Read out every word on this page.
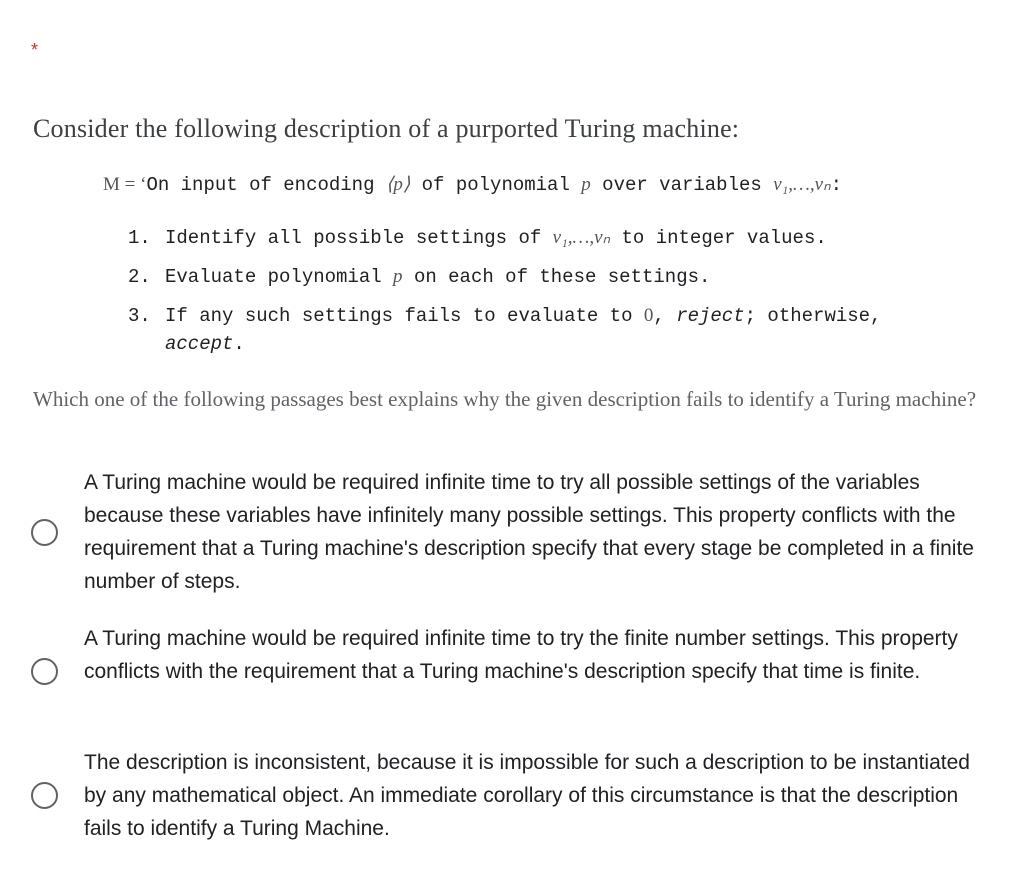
*
Consider the following description of a purported Turing machine:
M = ‘On input of encoding ⟨p⟩ of polynomial p over variables v₁,…,vₙ:
1. Identify all possible settings of v₁,…,vₙ to integer values.
2. Evaluate polynomial p on each of these settings.
3. If any such settings fails to evaluate to 0, reject; otherwise,
accept.
Which one of the following passages best explains why the given description fails to identify a Turing machine?
A Turing machine would be required infinite time to try all possible settings of the variables because these variables have infinitely many possible settings. This property conflicts with the requirement that a Turing machine's description specify that every stage be completed in a finite number of steps.
A Turing machine would be required infinite time to try the finite number settings. This property conflicts with the requirement that a Turing machine's description specify that time is finite.
The description is inconsistent, because it is impossible for such a description to be instantiated by any mathematical object. An immediate corollary of this circumstance is that the description fails to identify a Turing Machine.
